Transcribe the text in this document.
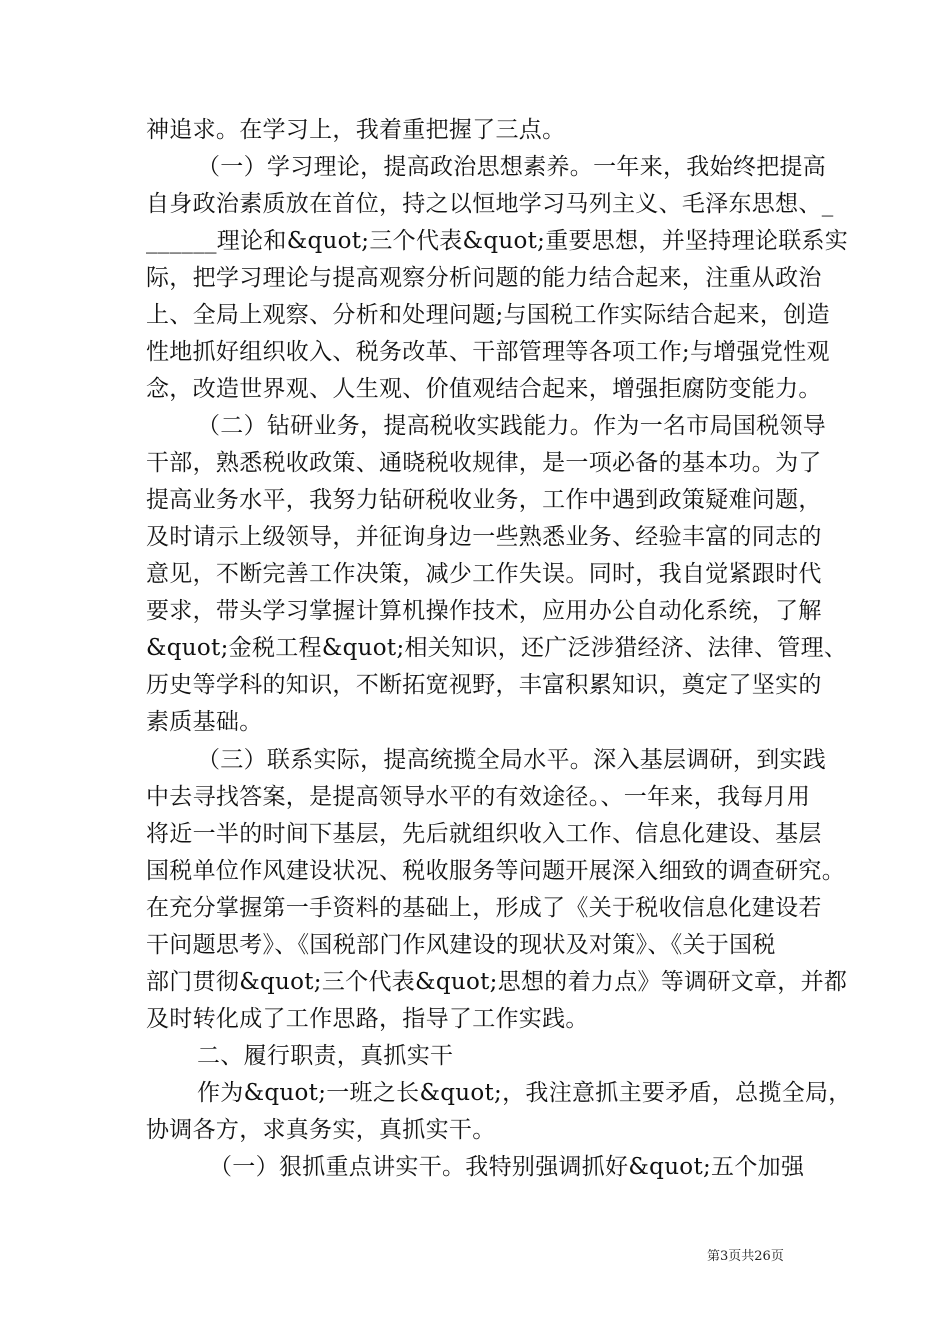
神追求。在学习上，我着重把握了三点。
（一）学习理论，提高政治思想素养。一年来，我始终把提高
自身政治素质放在首位，持之以恒地学习马列主义、毛泽东思想、_
______理论和&quot;三个代表&quot;重要思想，并坚持理论联系实
际，把学习理论与提高观察分析问题的能力结合起来，注重从政治
上、全局上观察、分析和处理问题;与国税工作实际结合起来，创造
性地抓好组织收入、税务改革、干部管理等各项工作;与增强党性观
念，改造世界观、人生观、价值观结合起来，增强拒腐防变能力。
（二）钻研业务，提高税收实践能力。作为一名市局国税领导
干部，熟悉税收政策、通晓税收规律，是一项必备的基本功。为了
提高业务水平，我努力钻研税收业务，工作中遇到政策疑难问题，
及时请示上级领导，并征询身边一些熟悉业务、经验丰富的同志的
意见，不断完善工作决策，减少工作失误。同时，我自觉紧跟时代
要求，带头学习掌握计算机操作技术，应用办公自动化系统，了解
&quot;金税工程&quot;相关知识，还广泛涉猎经济、法律、管理、
历史等学科的知识，不断拓宽视野，丰富积累知识，奠定了坚实的
素质基础。
（三）联系实际，提高统揽全局水平。深入基层调研，到实践
中去寻找答案，是提高领导水平的有效途径。、一年来，我每月用
将近一半的时间下基层，先后就组织收入工作、信息化建设、基层
国税单位作风建设状况、税收服务等问题开展深入细致的调查研究。
在充分掌握第一手资料的基础上，形成了《关于税收信息化建设若
干问题思考》、《国税部门作风建设的现状及对策》、《关于国税
部门贯彻&quot;三个代表&quot;思想的着力点》等调研文章，并都
及时转化成了工作思路，指导了工作实践。
二、履行职责，真抓实干
作为&quot;一班之长&quot;，我注意抓主要矛盾，总揽全局，
协调各方，求真务实，真抓实干。
（一）狠抓重点讲实干。我特别强调抓好&quot;五个加强
第3页共26页
